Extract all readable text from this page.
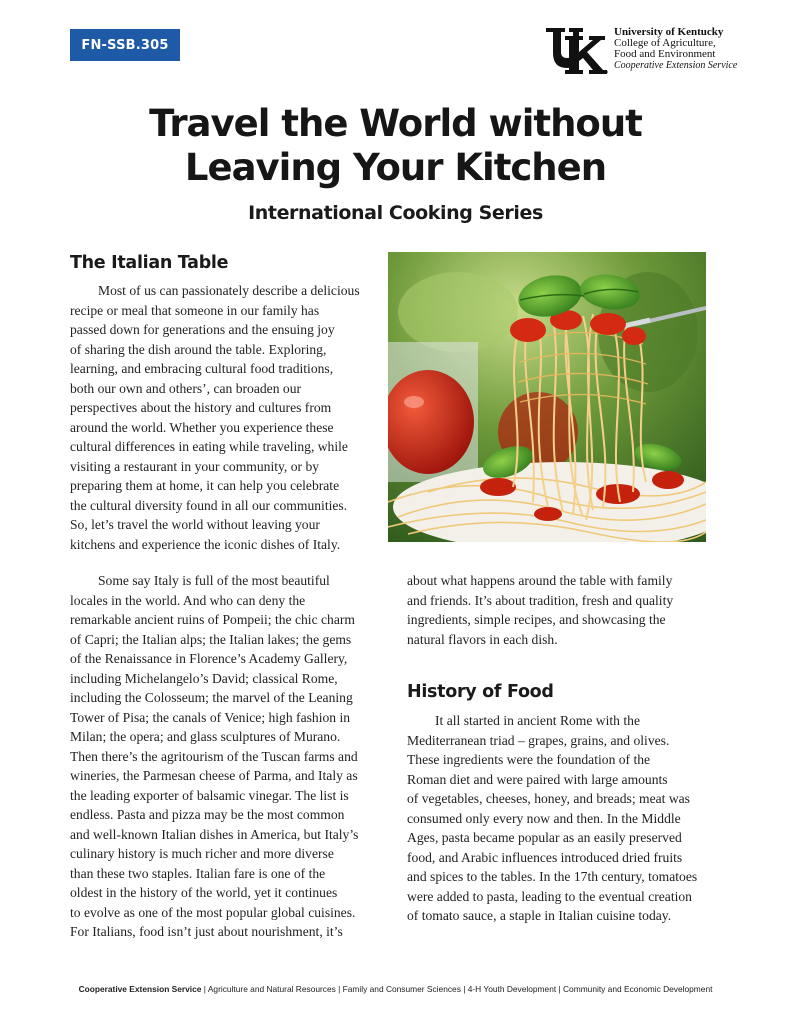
FN-SSB.305
University of Kentucky
College of Agriculture,
Food and Environment
Cooperative Extension Service
Travel the World without
Leaving Your Kitchen
International Cooking Series
The Italian Table
Most of us can passionately describe a delicious
recipe or meal that someone in our family has
passed down for generations and the ensuing joy
of sharing the dish around the table. Exploring,
learning, and embracing cultural food traditions,
both our own and others’, can broaden our
perspectives about the history and cultures from
around the world. Whether you experience these
cultural differences in eating while traveling, while
visiting a restaurant in your community, or by
preparing them at home, it can help you celebrate
the cultural diversity found in all our communities.
So, let’s travel the world without leaving your
kitchens and experience the iconic dishes of Italy.
Some say Italy is full of the most beautiful
locales in the world. And who can deny the
remarkable ancient ruins of Pompeii; the chic charm
of Capri; the Italian alps; the Italian lakes; the gems
of the Renaissance in Florence’s Academy Gallery,
including Michelangelo’s David; classical Rome,
including the Colosseum; the marvel of the Leaning
Tower of Pisa; the canals of Venice; high fashion in
Milan; the opera; and glass sculptures of Murano.
Then there’s the agritourism of the Tuscan farms and
wineries, the Parmesan cheese of Parma, and Italy as
the leading exporter of balsamic vinegar. The list is
endless. Pasta and pizza may be the most common
and well-known Italian dishes in America, but Italy’s
culinary history is much richer and more diverse
than these two staples. Italian fare is one of the
oldest in the history of the world, yet it continues
to evolve as one of the most popular global cuisines.
For Italians, food isn’t just about nourishment, it’s
about what happens around the table with family
and friends. It’s about tradition, fresh and quality
ingredients, simple recipes, and showcasing the
natural flavors in each dish.
History of Food
It all started in ancient Rome with the
Mediterranean triad – grapes, grains, and olives.
These ingredients were the foundation of the
Roman diet and were paired with large amounts
of vegetables, cheeses, honey, and breads; meat was
consumed only every now and then. In the Middle
Ages, pasta became popular as an easily preserved
food, and Arabic influences introduced dried fruits
and spices to the tables. In the 17th century, tomatoes
were added to pasta, leading to the eventual creation
of tomato sauce, a staple in Italian cuisine today.
Cooperative Extension Service | Agriculture and Natural Resources | Family and Consumer Sciences | 4-H Youth Development | Community and Economic Development
